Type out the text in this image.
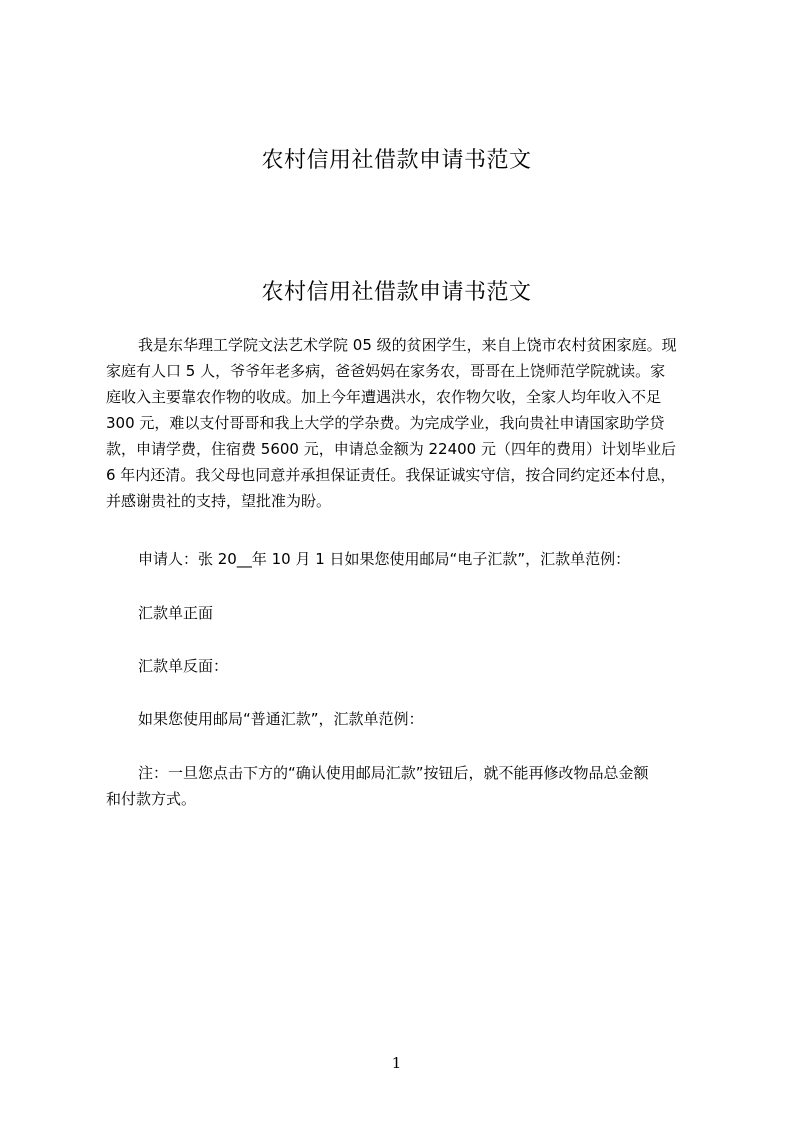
农村信用社借款申请书范文
农村信用社借款申请书范文
我是东华理工学院文法艺术学院 05 级的贫困学生，来自上饶市农村贫困家庭。现
家庭有人口 5 人，爷爷年老多病，爸爸妈妈在家务农，哥哥在上饶师范学院就读。家
庭收入主要靠农作物的收成。加上今年遭遇洪水，农作物欠收，全家人均年收入不足
300 元，难以支付哥哥和我上大学的学杂费。为完成学业，我向贵社申请国家助学贷
款，申请学费，住宿费 5600 元，申请总金额为 22400 元（四年的费用）计划毕业后
6 年内还清。我父母也同意并承担保证责任。我保证诚实守信，按合同约定还本付息，
并感谢贵社的支持，望批准为盼。
申请人：张 20__年 10 月 1 日如果您使用邮局“电子汇款”，汇款单范例：
汇款单正面
汇款单反面：
如果您使用邮局“普通汇款”，汇款单范例：
注：一旦您点击下方的“确认使用邮局汇款”按钮后，就不能再修改物品总金额
和付款方式。
1
